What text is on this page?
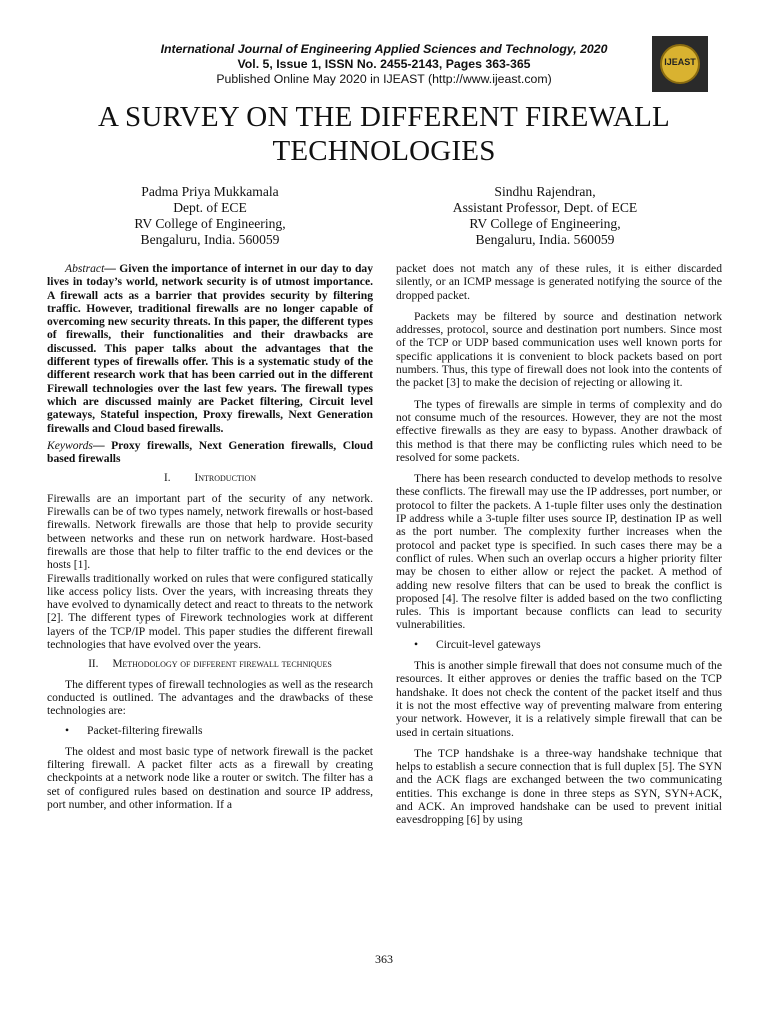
International Journal of Engineering Applied Sciences and Technology, 2020
Vol. 5, Issue 1, ISSN No. 2455-2143, Pages 363-365
Published Online May 2020 in IJEAST (http://www.ijeast.com)
IJEAST
A SURVEY ON THE DIFFERENT FIREWALL
TECHNOLOGIES
Padma Priya Mukkamala
Dept. of ECE
RV College of Engineering,
Bengaluru, India. 560059
Sindhu Rajendran,
Assistant Professor, Dept. of ECE
RV College of Engineering,
Bengaluru, India. 560059

Abstract— Given the importance of internet in our day to day lives in today’s world, network security is of utmost importance. A firewall acts as a barrier that provides security by filtering traffic. However, traditional firewalls are no longer capable of overcoming new security threats. In this paper, the different types of firewalls, their functionalities and their drawbacks are discussed. This paper talks about the advantages that the different types of firewalls offer. This is a systematic study of the different research work that has been carried out in the different Firewall technologies over the last few years. The firewall types which are discussed mainly are Packet filtering, Circuit level gateways, Stateful inspection, Proxy firewalls, Next Generation firewalls and Cloud based firewalls.

Keywords— Proxy firewalls, Next Generation firewalls, Cloud based firewalls

I. Introduction

Firewalls are an important part of the security of any network. Firewalls can be of two types namely, network firewalls or host-based firewalls. Network firewalls are those that help to provide security between networks and these run on network hardware. Host-based firewalls are those that help to filter traffic to the end devices or the hosts [1].

Firewalls traditionally worked on rules that were configured statically like access policy lists. Over the years, with increasing threats they have evolved to dynamically detect and react to threats to the network [2]. The different types of Firework technologies work at different layers of the TCP/IP model. This paper studies the different firewall technologies that have evolved over the years.

II. Methodology of different firewall techniques

The different types of firewall technologies as well as the research conducted is outlined. The advantages and the drawbacks of these technologies are:

• Packet-filtering firewalls

The oldest and most basic type of network firewall is the packet filtering firewall. A packet filter acts as a firewall by creating checkpoints at a network node like a router or switch. The filter has a set of configured rules based on destination and source IP address, port number, and other information. If a

packet does not match any of these rules, it is either discarded silently, or an ICMP message is generated notifying the source of the dropped packet.

Packets may be filtered by source and destination network addresses, protocol, source and destination port numbers. Since most of the TCP or UDP based communication uses well known ports for specific applications it is convenient to block packets based on port numbers. Thus, this type of firewall does not look into the contents of the packet [3] to make the decision of rejecting or allowing it.

The types of firewalls are simple in terms of complexity and do not consume much of the resources. However, they are not the most effective firewalls as they are easy to bypass. Another drawback of this method is that there may be conflicting rules which need to be resolved for some packets.

There has been research conducted to develop methods to resolve these conflicts. The firewall may use the IP addresses, port number, or protocol to filter the packets. A 1-tuple filter uses only the destination IP address while a 3-tuple filter uses source IP, destination IP as well as the port number. The complexity further increases when the protocol and packet type is specified. In such cases there may be a conflict of rules. When such an overlap occurs a higher priority filter may be chosen to either allow or reject the packet. A method of adding new resolve filters that can be used to break the conflict is proposed [4]. The resolve filter is added based on the two conflicting rules. This is important because conflicts can lead to security vulnerabilities.

• Circuit-level gateways

This is another simple firewall that does not consume much of the resources. It either approves or denies the traffic based on the TCP handshake. It does not check the content of the packet itself and thus it is not the most effective way of preventing malware from entering your network. However, it is a relatively simple firewall that can be used in certain situations.

The TCP handshake is a three-way handshake technique that helps to establish a secure connection that is full duplex [5]. The SYN and the ACK flags are exchanged between the two communicating entities. This exchange is done in three steps as SYN, SYN+ACK, and ACK. An improved handshake can be used to prevent initial eavesdropping [6] by using

363
